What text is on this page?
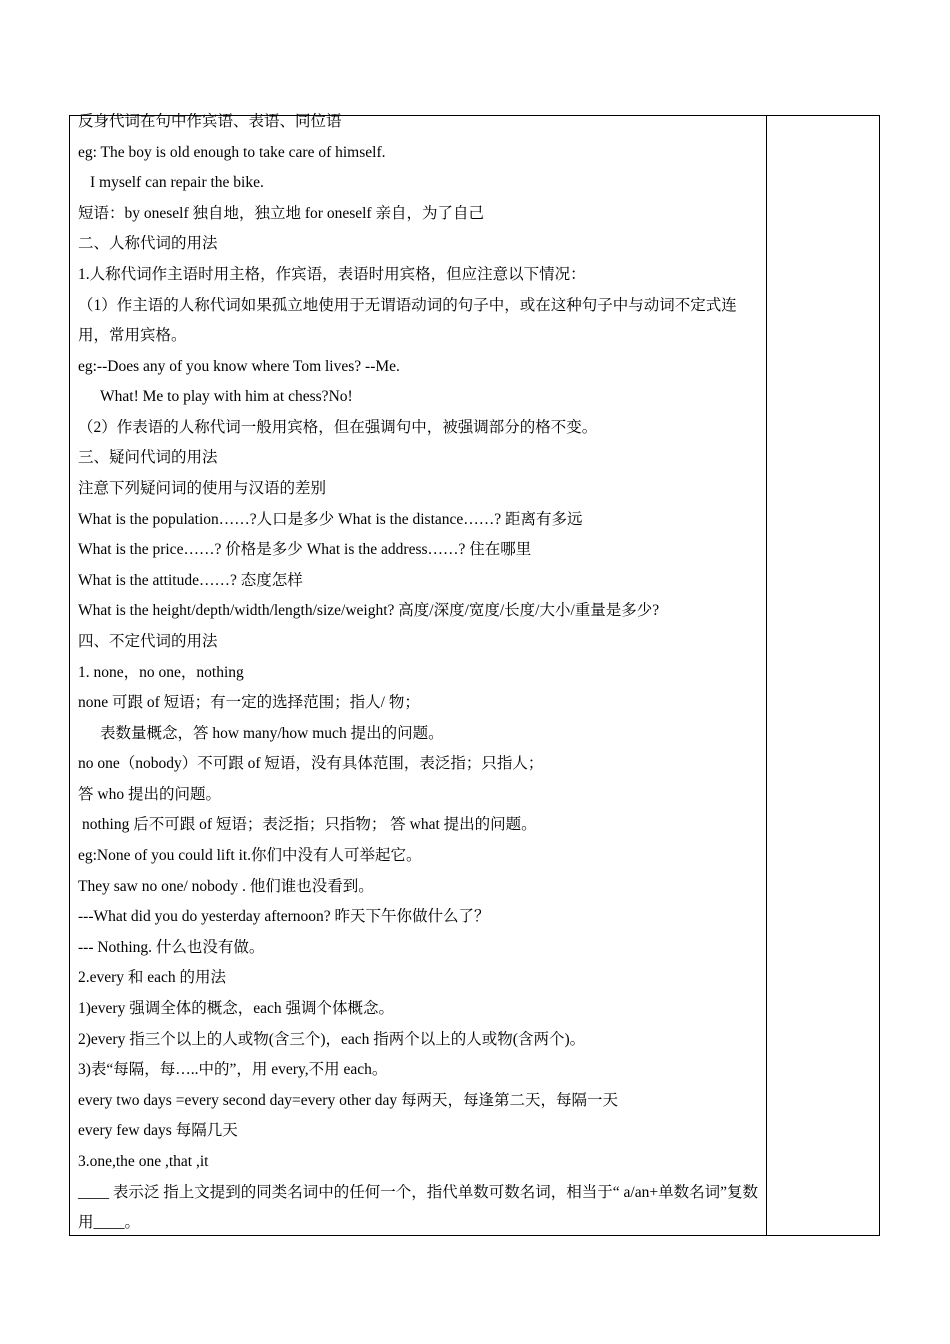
反身代词在句中作宾语、表语、同位语
eg: The boy is old enough to take care of himself.
I myself can repair the bike.
短语：by oneself 独自地，独立地 for oneself 亲自，为了自己
二、人称代词的用法
1.人称代词作主语时用主格，作宾语，表语时用宾格，但应注意以下情况：
（1）作主语的人称代词如果孤立地使用于无谓语动词的句子中，或在这种句子中与动词不定式连用，常用宾格。
eg:--Does any of you know where Tom lives? --Me.
What! Me to play with him at chess?No!
（2）作表语的人称代词一般用宾格，但在强调句中，被强调部分的格不变。
三、疑问代词的用法
注意下列疑问词的使用与汉语的差别
What is the population……?人口是多少 What is the distance……? 距离有多远
What is the price……? 价格是多少 What is the address……? 住在哪里
What is the attitude……? 态度怎样
What is the height/depth/width/length/size/weight? 高度/深度/宽度/长度/大小/重量是多少?
四、不定代词的用法
1. none，no one，nothing
none 可跟 of 短语；有一定的选择范围；指人/ 物；
表数量概念，答 how many/how much 提出的问题。
no one（nobody）不可跟 of 短语，没有具体范围，表泛指；只指人；
答 who 提出的问题。
nothing 后不可跟 of 短语；表泛指；只指物； 答 what 提出的问题。
eg:None of you could lift it.你们中没有人可举起它。
They saw no one/ nobody . 他们谁也没看到。
---What did you do yesterday afternoon? 昨天下午你做什么了？
--- Nothing. 什么也没有做。
2.every 和 each 的用法
1)every 强调全体的概念，each 强调个体概念。
2)every 指三个以上的人或物(含三个)，each 指两个以上的人或物(含两个)。
3)表“每隔，每…..中的”，用 every,不用 each。
every two days =every second day=every other day 每两天，每逢第二天，每隔一天
every few days 每隔几天
3.one,the one ,that ,it
____ 表示泛 指上文提到的同类名词中的任何一个，指代单数可数名词，相当于“ a/an+单数名词”复数用____。
